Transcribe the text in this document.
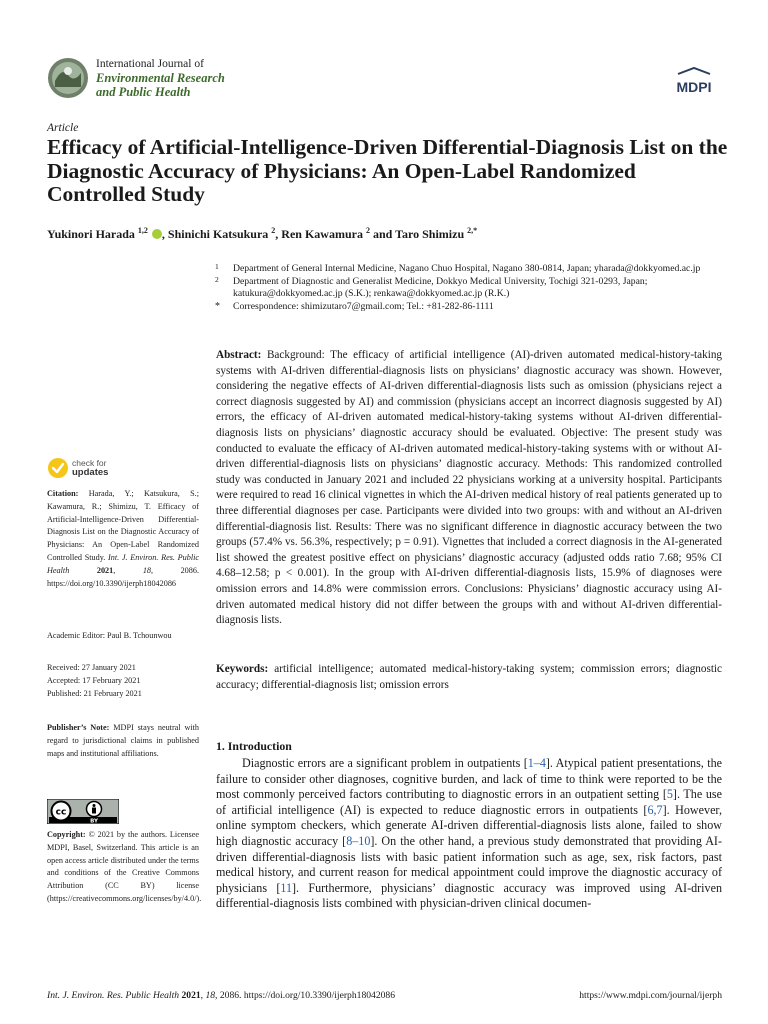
International Journal of
Environmental Research
and Public Health	MDPI
Article
Efficacy of Artificial-Intelligence-Driven Differential-Diagnosis List on the Diagnostic Accuracy of Physicians: An Open-Label Randomized Controlled Study
Yukinori Harada $^{1,2}$ , Shinichi Katsukura $^2$, Ren Kawamura $^2$ and Taro Shimizu $^{2,*}$
1 Department of General Internal Medicine, Nagano Chuo Hospital, Nagano 380-0814, Japan; yharada@dokkyomed.ac.jp
2 Department of Diagnostic and Generalist Medicine, Dokkyo Medical University, Tochigi 321-0293, Japan; katukura@dokkyomed.ac.jp (S.K.); renkawa@dokkyomed.ac.jp (R.K.)
* Correspondence: shimizutaro7@gmail.com; Tel.: +81-282-86-1111
Abstract: Background: The efficacy of artificial intelligence (AI)-driven automated medical-history-taking systems with AI-driven differential-diagnosis lists on physicians’ diagnostic accuracy was shown. However, considering the negative effects of AI-driven differential-diagnosis lists such as omission (physicians reject a correct diagnosis suggested by AI) and commission (physicians accept an incorrect diagnosis suggested by AI) errors, the efficacy of AI-driven automated medical-history-taking systems without AI-driven differential-diagnosis lists on physicians’ diagnostic accuracy should be evaluated. Objective: The present study was conducted to evaluate the efficacy of AI-driven automated medical-history-taking systems with or without AI-driven differential-diagnosis lists on physicians’ diagnostic accuracy. Methods: This randomized controlled study was conducted in January 2021 and included 22 physicians working at a university hospital. Participants were required to read 16 clinical vignettes in which the AI-driven medical history of real patients generated up to three differential diagnoses per case. Participants were divided into two groups: with and without an AI-driven differential-diagnosis list. Results: There was no significant difference in diagnostic accuracy between the two groups (57.4% vs. 56.3%, respectively; p = 0.91). Vignettes that included a correct diagnosis in the AI-generated list showed the greatest positive effect on physicians’ diagnostic accuracy (adjusted odds ratio 7.68; 95% CI 4.68–12.58; p < 0.001). In the group with AI-driven differential-diagnosis lists, 15.9% of diagnoses were omission errors and 14.8% were commission errors. Conclusions: Physicians’ diagnostic accuracy using AI-driven automated medical history did not differ between the groups with and without AI-driven differential-diagnosis lists.
Keywords: artificial intelligence; automated medical-history-taking system; commission errors; diagnostic accuracy; differential-diagnosis list; omission errors
1. Introduction
Diagnostic errors are a significant problem in outpatients [1–4]. Atypical patient presentations, the failure to consider other diagnoses, cognitive burden, and lack of time to think were reported to be the most commonly perceived factors contributing to diagnostic errors in an outpatient setting [5]. The use of artificial intelligence (AI) is expected to reduce diagnostic errors in outpatients [6,7]. However, online symptom checkers, which generate AI-driven differential-diagnosis lists alone, failed to show high diagnostic accuracy [8–10]. On the other hand, a previous study demonstrated that providing AI-driven differential-diagnosis lists with basic patient information such as age, sex, risk factors, past medical history, and current reason for medical appointment could improve the diagnostic accuracy of physicians [11]. Furthermore, physicians’ diagnostic accuracy was improved using AI-driven differential-diagnosis lists combined with physician-driven clinical documen-
check for
updates
Citation: Harada, Y.; Katsukura, S.; Kawamura, R.; Shimizu, T. Efficacy of Artificial-Intelligence-Driven Differential-Diagnosis List on the Diagnostic Accuracy of Physicians: An Open-Label Randomized Controlled Study. Int. J. Environ. Res. Public Health	2021, 18, 2086. https://doi.org/10.3390/ijerph18042086
Academic Editor: Paul B. Tchounwou
Received: 27 January 2021
Accepted: 17 February 2021
Published: 21 February 2021
Publisher’s Note: MDPI stays neutral with regard to jurisdictional claims in published maps and institutional affiliations.
cc
BY
Copyright: © 2021 by the authors. Licensee MDPI, Basel, Switzerland. This article is an open access article distributed under the terms and conditions of the Creative Commons Attribution (CC BY) license (https://creativecommons.org/licenses/by/4.0/).
Int. J. Environ. Res. Public Health 2021, 18, 2086. https://doi.org/10.3390/ijerph18042086	https://www.mdpi.com/journal/ijerph
